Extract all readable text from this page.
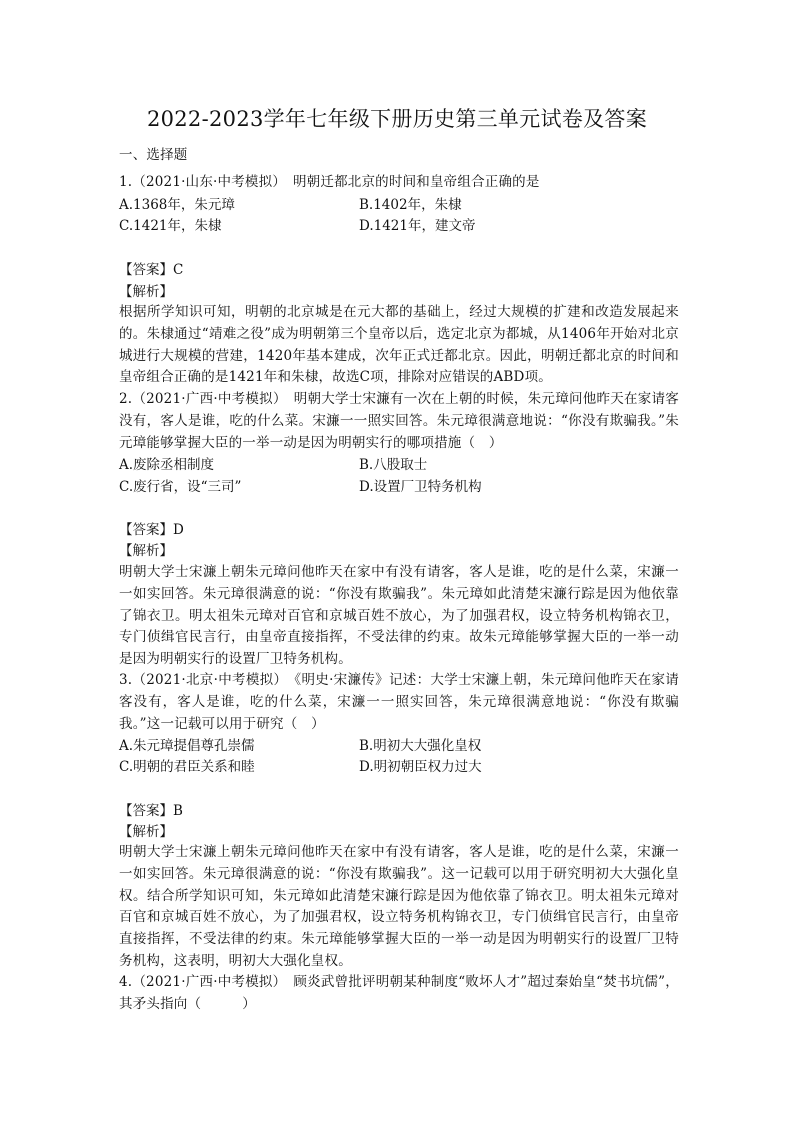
2022-2023学年七年级下册历史第三单元试卷及答案
一、选择题
1.（2021·山东·中考模拟）　明朝迁都北京的时间和皇帝组合正确的是
A.1368年，朱元璋	B.1402年，朱棣
C.1421年，朱棣	D.1421年，建文帝
【答案】C
【解析】
根据所学知识可知，明朝的北京城是在元大都的基础上，经过大规模的扩建和改造发展起来的。朱棣通过“靖难之役”成为明朝第三个皇帝以后，选定北京为都城，从1406年开始对北京城进行大规模的营建，1420年基本建成，次年正式迁都北京。因此，明朝迁都北京的时间和皇帝组合正确的是1421年和朱棣，故选C项，排除对应错误的ABD项。
2.（2021·广西·中考模拟）　明朝大学士宋濂有一次在上朝的时候，朱元璋问他昨天在家请客没有，客人是谁，吃的什么菜。宋濂一一照实回答。朱元璋很满意地说：“你没有欺骗我。”朱元璋能够掌握大臣的一举一动是因为明朝实行的哪项措施（　）
A.废除丞相制度	B.八股取士
C.废行省，设“三司”	D.设置厂卫特务机构
【答案】D
【解析】
明朝大学士宋濂上朝朱元璋问他昨天在家中有没有请客，客人是谁，吃的是什么菜，宋濂一一如实回答。朱元璋很满意的说：“你没有欺骗我”。朱元璋如此清楚宋濂行踪是因为他依靠了锦衣卫。明太祖朱元璋对百官和京城百姓不放心，为了加强君权，设立特务机构锦衣卫，专门侦缉官民言行，由皇帝直接指挥，不受法律的约束。故朱元璋能够掌握大臣的一举一动是因为明朝实行的设置厂卫特务机构。
3.（2021·北京·中考模拟）　《明史·宋濂传》记述：大学士宋濂上朝，朱元璋问他昨天在家请客没有，客人是谁，吃的什么菜，宋濂一一照实回答，朱元璋很满意地说：“你没有欺骗我。”这一记载可以用于研究（　）
A.朱元璋提倡尊孔崇儒	B.明初大大强化皇权
C.明朝的君臣关系和睦	D.明初朝臣权力过大
【答案】B
【解析】
明朝大学士宋濂上朝朱元璋问他昨天在家中有没有请客，客人是谁，吃的是什么菜，宋濂一一如实回答。朱元璋很满意的说：“你没有欺骗我”。这一记载可以用于研究明初大大强化皇权。结合所学知识可知，朱元璋如此清楚宋濂行踪是因为他依靠了锦衣卫。明太祖朱元璋对百官和京城百姓不放心，为了加强君权，设立特务机构锦衣卫，专门侦缉官民言行，由皇帝直接指挥，不受法律的约束。朱元璋能够掌握大臣的一举一动是因为明朝实行的设置厂卫特务机构，这表明，明初大大强化皇权。
4.（2021·广西·中考模拟）　顾炎武曾批评明朝某种制度“败坏人才”超过秦始皇“焚书坑儒”，其矛头指向（　　　）
